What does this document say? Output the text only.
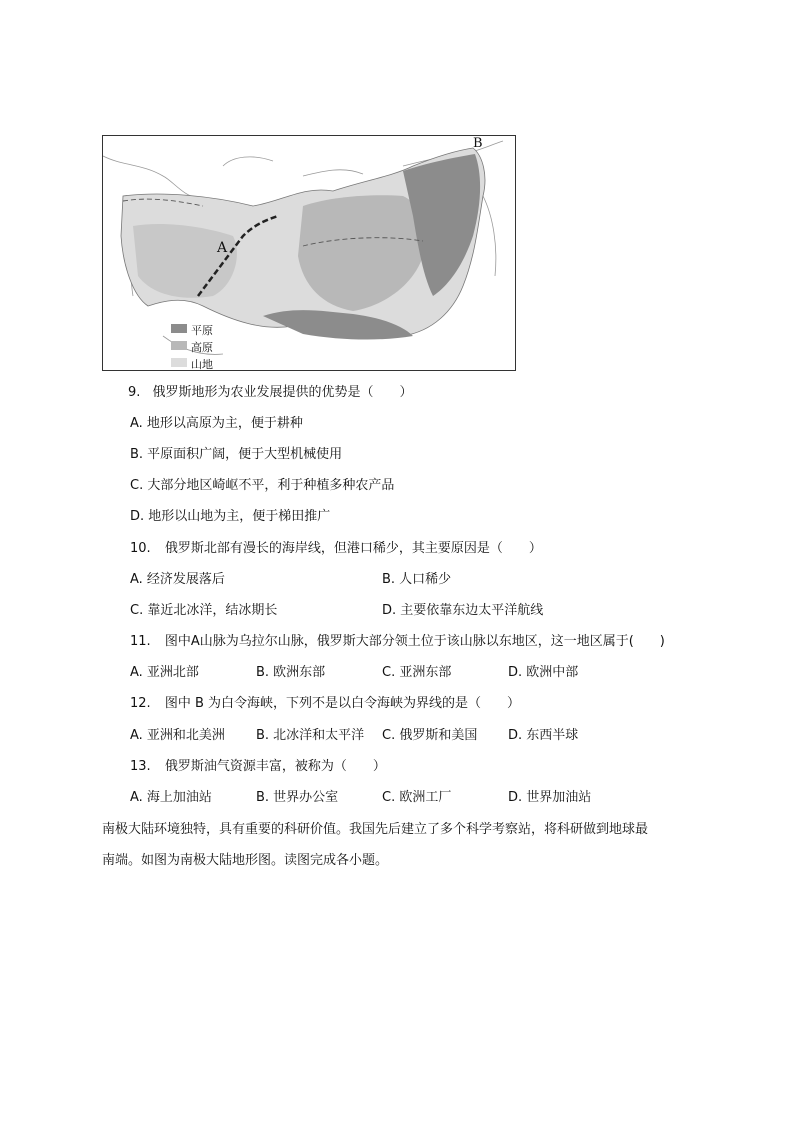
A
B
平原
高原
山地
9. 俄罗斯地形为农业发展提供的优势是（　　）
A. 地形以高原为主，便于耕种
B. 平原面积广阔，便于大型机械使用
C. 大部分地区崎岖不平，利于种植多种农产品
D. 地形以山地为主，便于梯田推广
10. 俄罗斯北部有漫长的海岸线，但港口稀少，其主要原因是（　　）
A. 经济发展落后	B. 人口稀少
C. 靠近北冰洋，结冰期长	D. 主要依靠东边太平洋航线
11. 图中A山脉为乌拉尔山脉，俄罗斯大部分领土位于该山脉以东地区，这一地区属于(　　)
A. 亚洲北部	B. 欧洲东部	C. 亚洲东部	D. 欧洲中部
12. 图中 B 为白令海峡，下列不是以白令海峡为界线的是（　　）
A. 亚洲和北美洲 B. 北冰洋和太平洋 C. 俄罗斯和美国 D. 东西半球
13. 俄罗斯油气资源丰富，被称为（　　）
A. 海上加油站	B. 世界办公室	C. 欧洲工厂	D. 世界加油站
南极大陆环境独特，具有重要的科研价值。我国先后建立了多个科学考察站，将科研做到地球最
南端。如图为南极大陆地形图。读图完成各小题。
